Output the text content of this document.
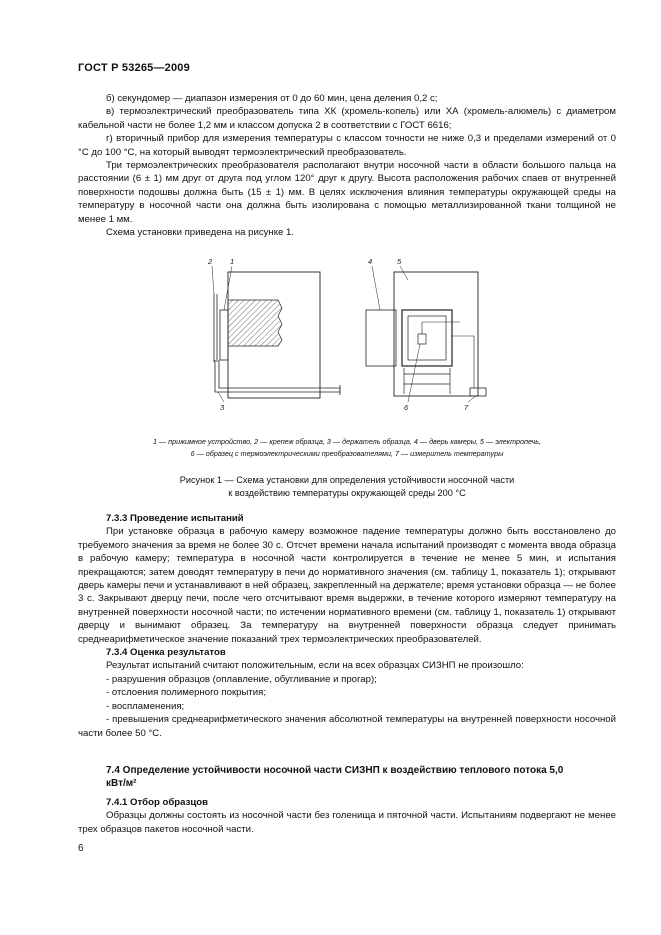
ГОСТ Р 53265—2009

б) секундомер — диапазон измерения от 0 до 60 мин, цена деления 0,2 с;

в) термоэлектрический преобразователь типа ХК (хромель-копель) или ХА (хромель-алюмель) с диаметром кабельной части не более 1,2 мм и классом допуска 2 в соответствии с ГОСТ 6616;

г) вторичный прибор для измерения температуры с классом точности не ниже 0,3 и пределами измерений от 0 °С до 100 °С, на который выводят термоэлектрический преобразователь.

Три термоэлектрических преобразователя располагают внутри носочной части в области большого пальца на расстоянии (6 ± 1) мм друг от друга под углом 120° друг к другу. Высота расположения рабочих спаев от внутренней поверхности подошвы должна быть (15 ± 1) мм. В целях исключения влияния температуры окружающей среды на температуру в носочной части она должна быть изолирована с помощью металлизированной ткани толщиной не менее 1 мм.

Схема установки приведена на рисунке 1.

2 1
3
4	5
6	7
1 — прижимное устройство, 2 — крепеж образца, 3 — держатель образца, 4 — дверь камеры, 5 — электропечь,
6 — образец с термоэлектрическими преобразователями, 7 — измеритель температуры
Рисунок 1 — Схема установки для определения устойчивости носочной части
к воздействию температуры окружающей среды 200 °С

7.3.3 Проведение испытаний

При установке образца в рабочую камеру возможное падение температуры должно быть восстановлено до требуемого значения за время не более 30 с. Отсчет времени начала испытаний производят с момента ввода образца в рабочую камеру; температура в носочной части контролируется в течение не менее 5 мин, и испытания прекращаются; затем доводят температуру в печи до нормативного значения (см. таблицу 1, показатель 1); открывают дверь камеры печи и устанавливают в ней образец, закрепленный на держателе; время установки образца — не более 3 с. Закрывают дверцу печи, после чего отсчитывают время выдержки, в течение которого измеряют температуру на внутренней поверхности носочной части; по истечении нормативного времени (см. таблицу 1, показатель 1) открывают дверцу и вынимают образец. За температуру на внутренней поверхности образца следует принимать среднеарифметическое значение показаний трех термоэлектрических преобразователей.

7.3.4 Оценка результатов

Результат испытаний считают положительным, если на всех образцах СИЗНП не произошло:

- разрушения образцов (оплавление, обугливание и прогар);

- отслоения полимерного покрытия;

- воспламенения;

- превышения среднеарифметического значения абсолютной температуры на внутренней поверхности носочной части более 50 °С.

7.4 Определение устойчивости носочной части СИЗНП к воздействию теплового потока 5,0 кВт/м²

7.4.1 Отбор образцов

Образцы должны состоять из носочной части без голенища и пяточной части. Испытаниям подвергают не менее трех образцов пакетов носочной части.

6
